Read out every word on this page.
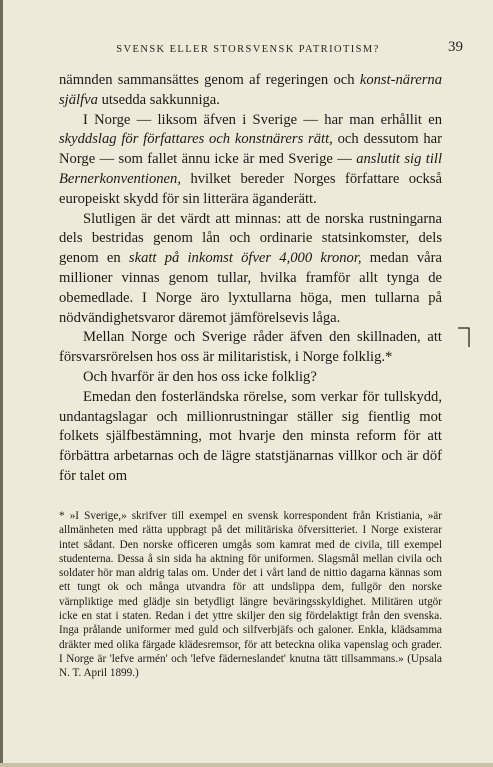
SVENSK ELLER STORSVENSK PATRIOTISM?	39

nämnden sammansättes genom af regeringen och konst-närerna själfva utsedda sakkunniga.

I Norge — liksom äfven i Sverige — har man erhållit en skyddslag för författares och konstnärers rätt, och dessutom har Norge — som fallet ännu icke är med Sverige — anslutit sig till Bernerkonventionen, hvilket bereder Norges författare också europeiskt skydd för sin litterära äganderätt.

Slutligen är det värdt att minnas: att de norska rustningarna dels bestridas genom lån och ordinarie statsinkomster, dels genom en skatt på inkomst öfver 4,000 kronor, medan våra millioner vinnas genom tullar, hvilka framför allt tynga de obemedlade. I Norge äro lyxtullarna höga, men tullarna på nödvändighetsvaror däremot jämförelsevis låga.

Mellan Norge och Sverige råder äfven den skillnaden, att försvarsrörelsen hos oss är militaristisk, i Norge folklig.*

Och hvarför är den hos oss icke folklig?

Emedan den fosterländska rörelse, som verkar för tullskydd, undantagslagar och millionrustningar ställer sig fientlig mot folkets själfbestämning, mot hvarje den minsta reform för att förbättra arbetarnas och de lägre statstjänarnas villkor och är döf för talet om

* »I Sverige,» skrifver till exempel en svensk korrespondent från Kristiania, »är allmänheten med rätta uppbragt på det militäriska öfversitteriet. I Norge existerar intet sådant. Den norske officeren umgås som kamrat med de civila, till exempel studenterna. Dessa å sin sida ha aktning för uniformen. Slagsmål mellan civila och soldater hör man aldrig talas om. Under det i vårt land de nittio dagarna kännas som ett tungt ok och många utvandra för att undslippa dem, fullgör den norske värnpliktige med glädje sin betydligt längre beväringsskyldighet. Militären utgör icke en stat i staten. Redan i det yttre skiljer den sig fördelaktigt från den svenska. Inga prålande uniformer med guld och silfverbjäfs och galoner. Enkla, klädsamma dräkter med olika färgade klädesremsor, för att beteckna olika vapenslag och grader. I Norge är 'lefve armén' och 'lefve fäderneslandet' knutna tätt tillsammans.» (Upsala N. T. April 1899.)
